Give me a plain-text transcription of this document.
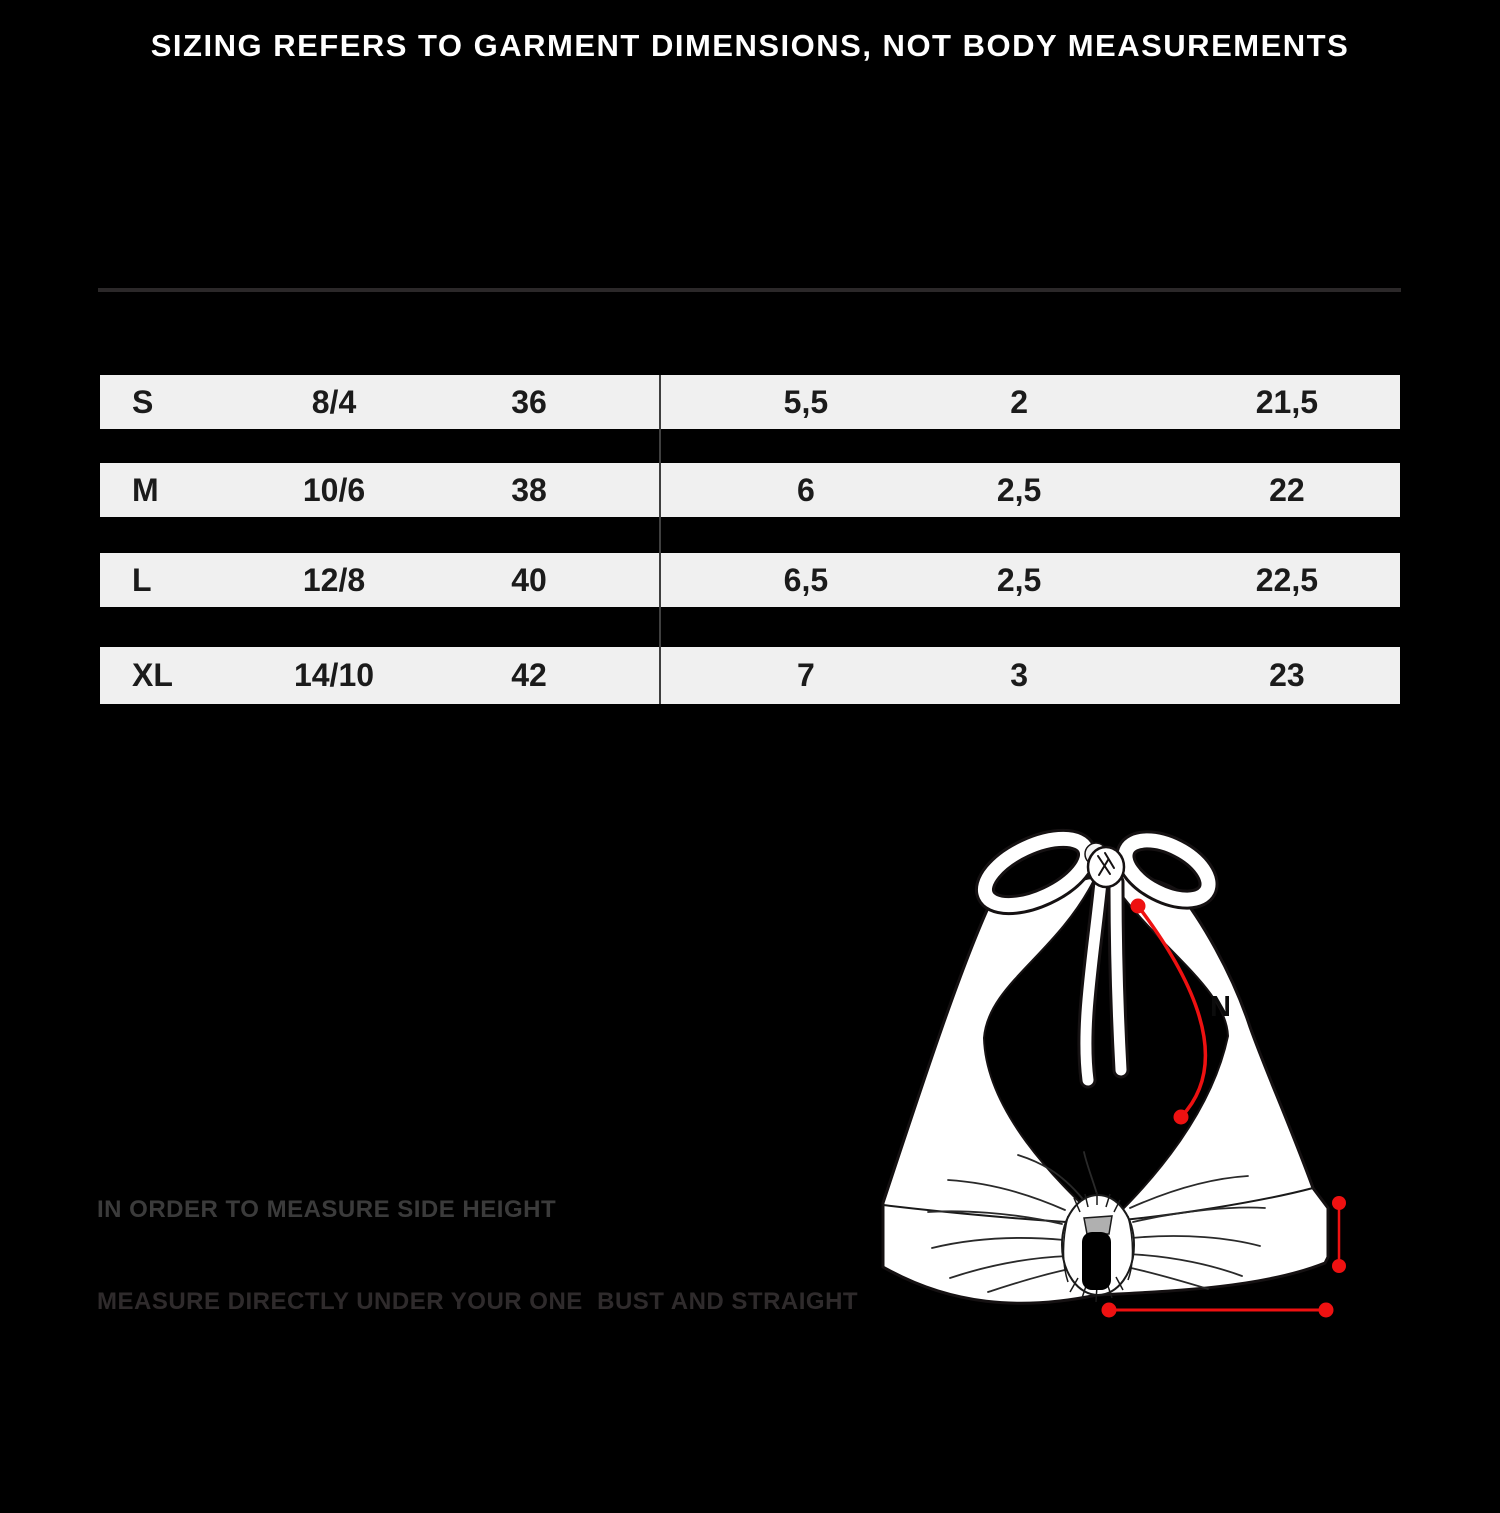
SIZING REFERS TO GARMENT DIMENSIONS, NOT BODY MEASUREMENTS
S	8/4	36	5,5	2	21,5
M	10/6	38	6	2,5	22
L	12/8	40	6,5	2,5	22,5
XL	14/10	42	7	3	23
IN ORDER TO MEASURE SIDE HEIGHT
MEASURE DIRECTLY UNDER YOUR ONE  BUST AND STRAIGHT
N
